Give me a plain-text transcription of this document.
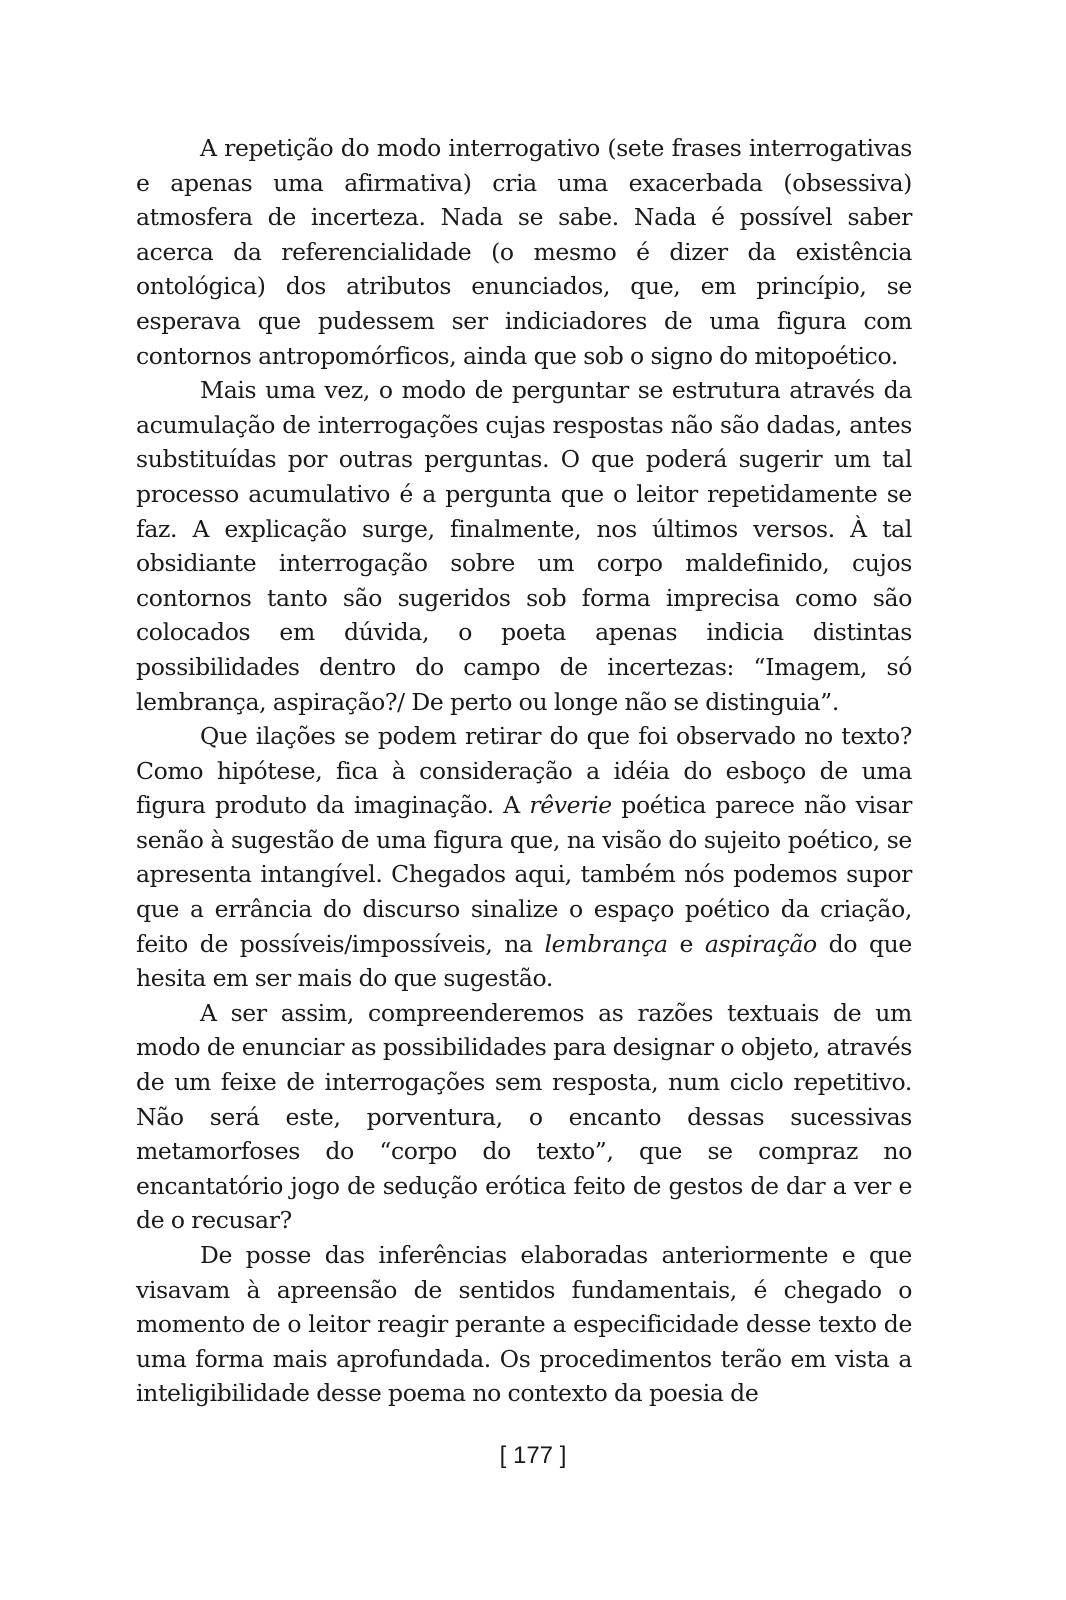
A repetição do modo interrogativo (sete frases interrogativas e apenas uma afirmativa) cria uma exacerbada (obsessiva) atmosfera de incerteza. Nada se sabe. Nada é possível saber acerca da referencialidade (o mesmo é dizer da existência ontológica) dos atributos enunciados, que, em princípio, se esperava que pudessem ser indiciadores de uma figura com contornos antropomórficos, ainda que sob o signo do mitopoético.

Mais uma vez, o modo de perguntar se estrutura através da acumulação de interrogações cujas respostas não são dadas, antes substituídas por outras perguntas. O que poderá sugerir um tal processo acumulativo é a pergunta que o leitor repetidamente se faz. A explicação surge, finalmente, nos últimos versos. À tal obsidiante interrogação sobre um corpo maldefinido, cujos contornos tanto são sugeridos sob forma imprecisa como são colocados em dúvida, o poeta apenas indicia distintas possibilidades dentro do campo de incertezas: “Imagem, só lembrança, aspiração?/ De perto ou longe não se distinguia”.

Que ilações se podem retirar do que foi observado no texto? Como hipótese, fica à consideração a idéia do esboço de uma figura produto da imaginação. A rêverie poética parece não visar senão à sugestão de uma figura que, na visão do sujeito poético, se apresenta intangível. Chegados aqui, também nós podemos supor que a errância do discurso sinalize o espaço poético da criação, feito de possíveis/impossíveis, na lembrança e aspiração do que hesita em ser mais do que sugestão.

A ser assim, compreenderemos as razões textuais de um modo de enunciar as possibilidades para designar o objeto, através de um feixe de interrogações sem resposta, num ciclo repetitivo. Não será este, porventura, o encanto dessas sucessivas metamorfoses do “corpo do texto”, que se compraz no encantatório jogo de sedução erótica feito de gestos de dar a ver e de o recusar?

De posse das inferências elaboradas anteriormente e que visavam à apreensão de sentidos fundamentais, é chegado o momento de o leitor reagir perante a especificidade desse texto de uma forma mais aprofundada. Os procedimentos terão em vista a inteligibilidade desse poema no contexto da poesia de

[ 177 ]
